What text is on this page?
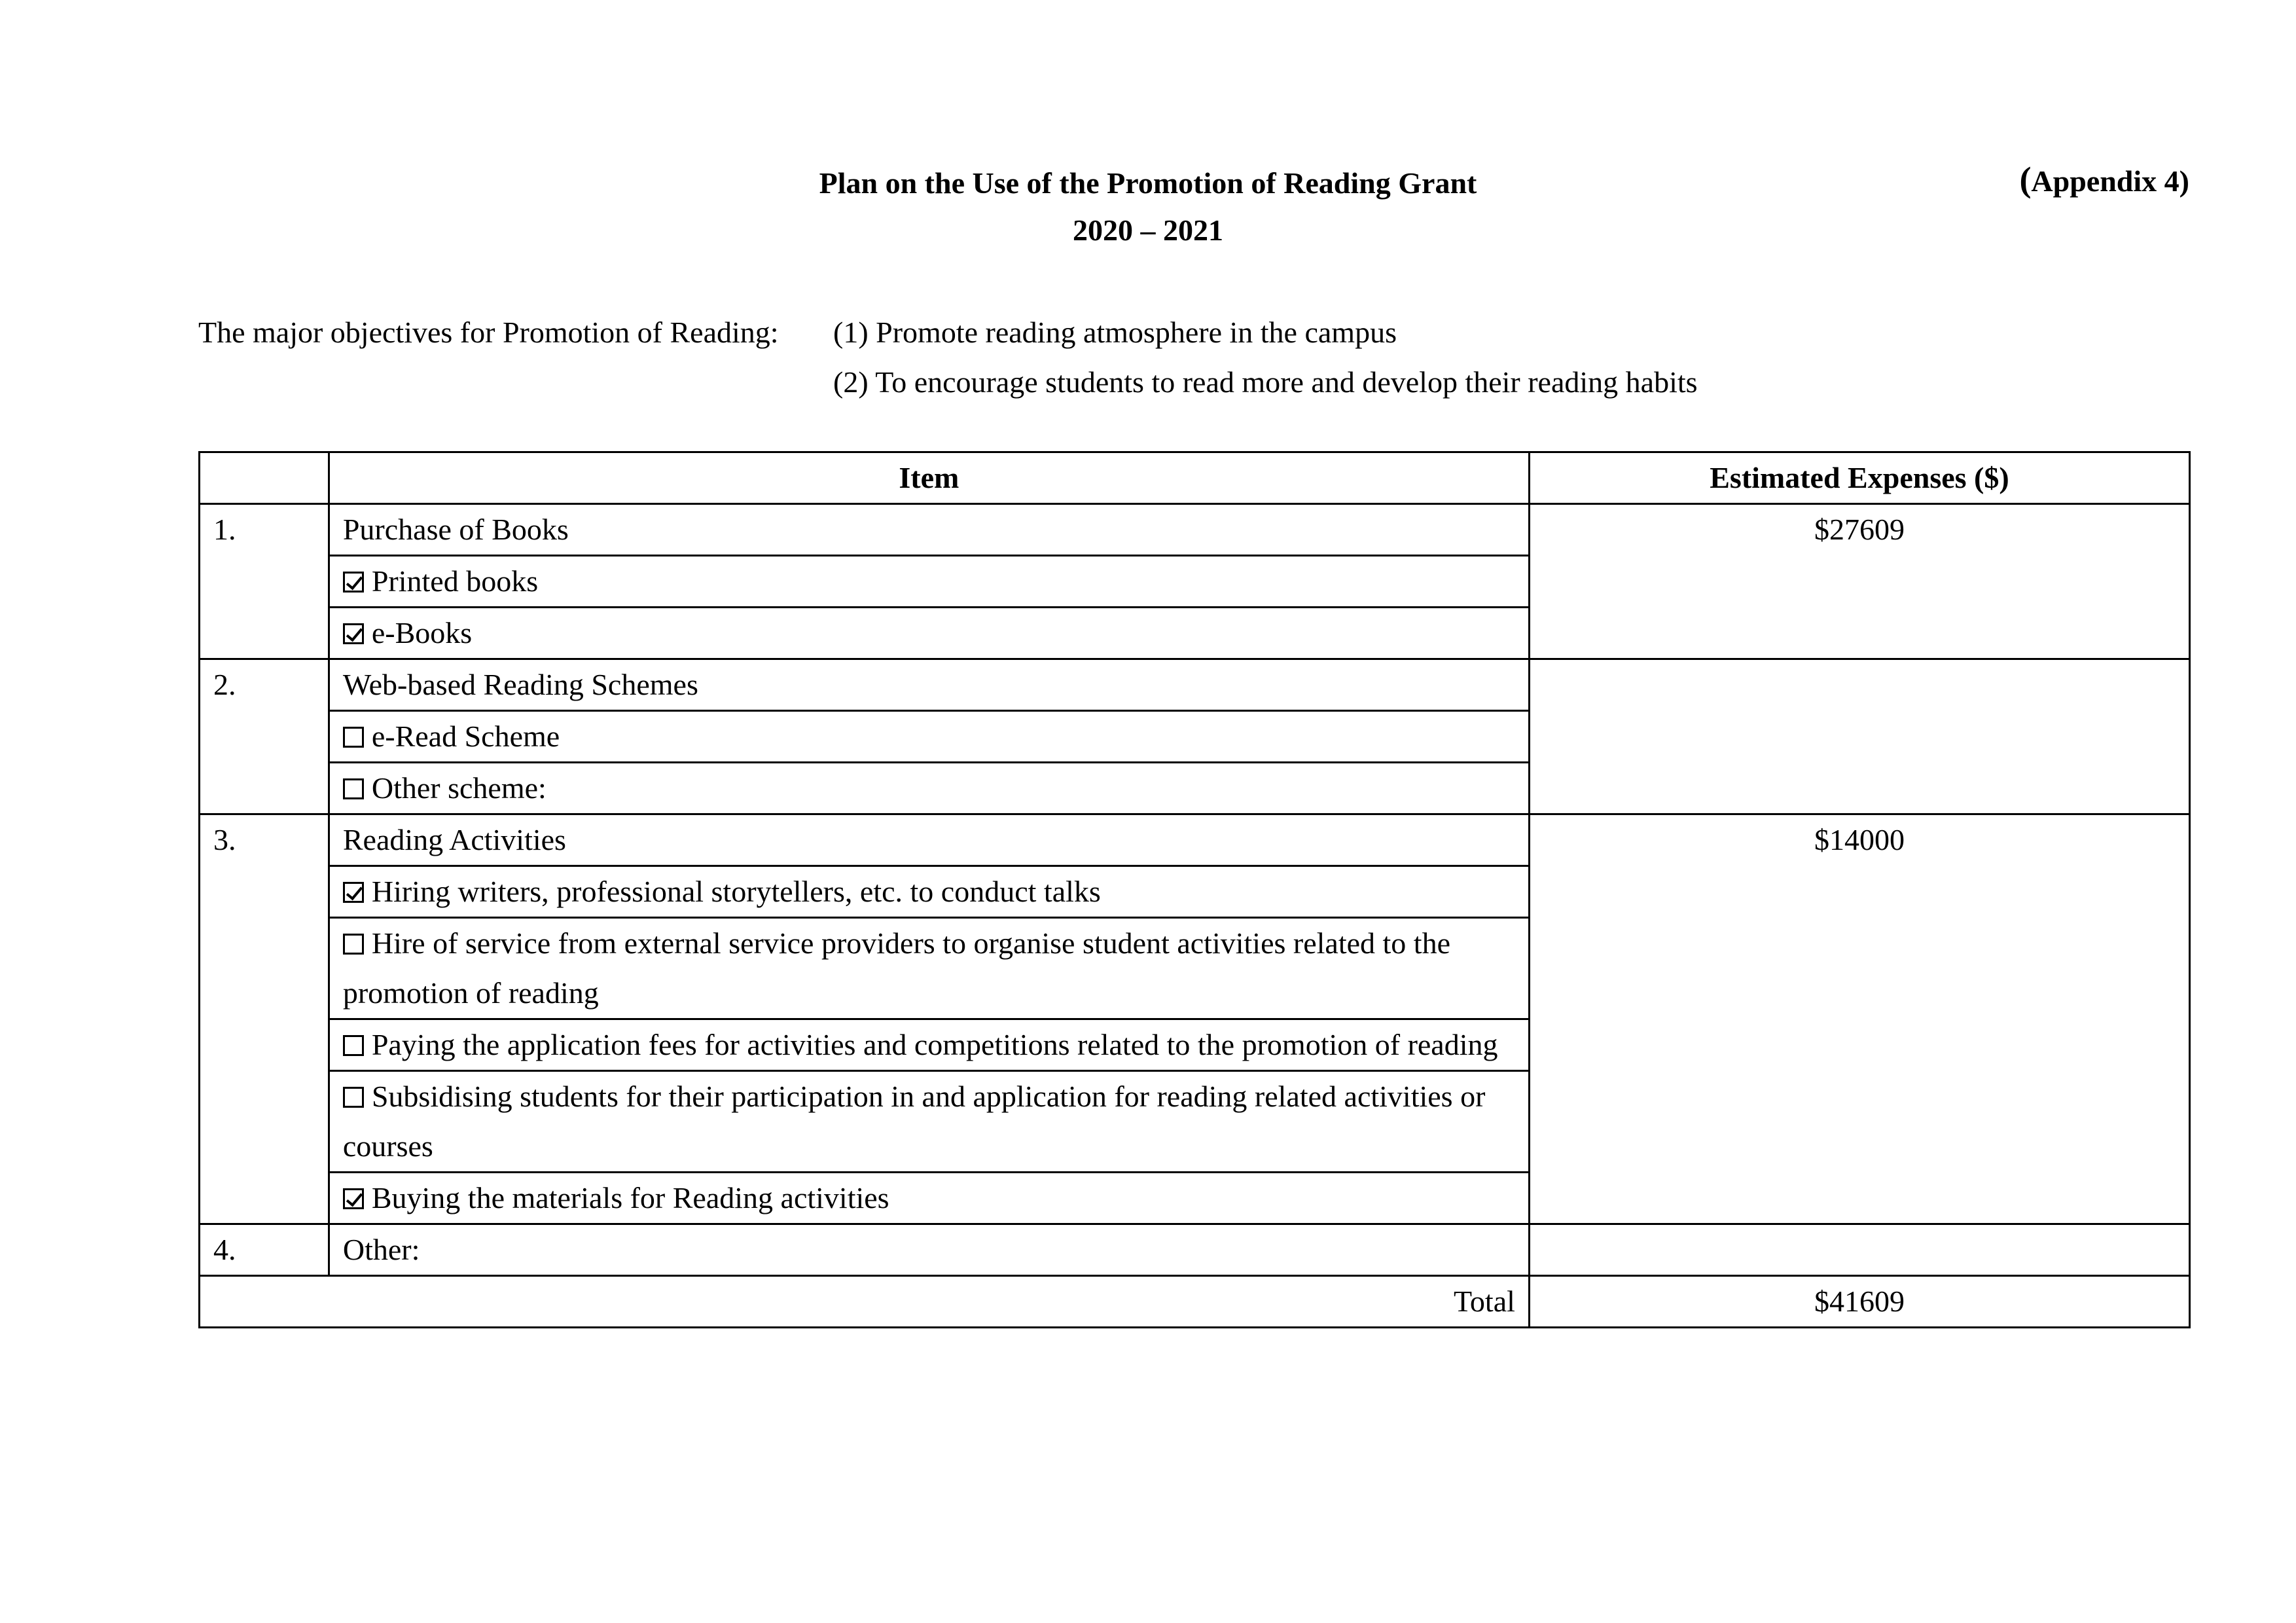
Plan on the Use of the Promotion of Reading Grant
2020 – 2021
(Appendix 4)
The major objectives for Promotion of Reading: (1) Promote reading atmosphere in the campus
(2) To encourage students to read more and develop their reading habits
	Item	Estimated Expenses ($)
1.	Purchase of Books	$27609
	Printed books	
	e-Books	
2.	Web-based Reading Schemes	
	e-Read Scheme	
	Other scheme:	
3.	Reading Activities	$14000
	Hiring writers, professional storytellers, etc. to conduct talks	
	Hire of service from external service providers to organise student activities related to the promotion of reading	
	Paying the application fees for activities and competitions related to the promotion of reading	
	Subsidising students for their participation in and application for reading related activities or courses	
	Buying the materials for Reading activities	
4.	Other:	
Total		$41609
